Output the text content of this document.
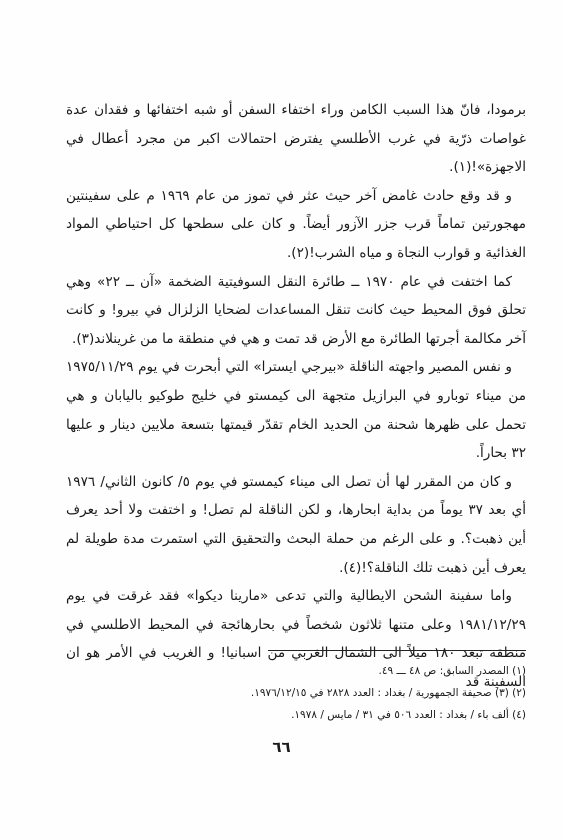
برمودا، فانّ هذا السبب الكامن وراء اختفاء السفن أو شبه اختفائها و فقدان عدة غواصات ذرّية في غرب الأطلسي يفترض احتمالات اكبر من مجرد أعطال في الاجهزة»!(١).

و قد وقع حادث غامض آخر حيث عثر في تموز من عام ١٩٦٩ م على سفينتين مهجورتين تماماً قرب جزر الآزور أيضاً. و كان على سطحها كل احتياطي المواد الغذائية و قوارب النجاة و مياه الشرب!(٢).

كما اختفت في عام ١٩٧٠ ــ طائرة النقل السوفيتية الضخمة «آن ــ ٢٢» وهي تحلق فوق المحيط حيث كانت تنقل المساعدات لضحايا الزلزال في بيرو! و كانت آخر مكالمة أجرتها الطائرة مع الأرض قد تمت و هي في منطقة ما من غرينلاند(٣).

و نفس المصير واجهته الناقلة «بيرجي ايسترا» التي أبحرت في يوم ١٩٧٥/١١/٢٩ من ميناء توبارو في البرازيل متجهة الى كيمستو في خليج طوكيو باليابان و هي تحمل على ظهرها شحنة من الحديد الخام تقدّر قيمتها بتسعة ملايين دينار و عليها ٣٢ بحاراً.

و كان من المقرر لها أن تصل الى ميناء كيمستو في يوم ٥/ كانون الثاني/ ١٩٧٦ أي بعد ٣٧ يوماً من بداية ابحارها، و لكن الناقلة لم تصل! و اختفت ولا أحد يعرف أين ذهبت؟. و على الرغم من حملة البحث والتحقيق التي استمرت مدة طويلة لم يعرف أين ذهبت تلك الناقلة؟!(٤).

واما سفينة الشحن الايطالية والتي تدعى «مارينا ديكوا» فقد غرقت في يوم ١٩٨١/١٢/٢٩ وعلى متنها ثلاثون شخصاً في بحارهائجة في المحيط الاطلسي في منطقة تبعد ١٨٠ ميلاً الى الشمال الغربي من اسبانيا! و الغريب في الأمر هو ان السفينة قد

(١) المصدر السابق: ص ٤٨ ـــ ٤٩.
(٢) (٣) صحيفة الجمهورية / بغداد : العدد ٢٨٢٨ في ١٩٧٦/١٢/١٥.
(٤) ألف باء / بغداد : العدد ٥٠٦ في ٣١ / مايس / ١٩٧٨.
٦٦
